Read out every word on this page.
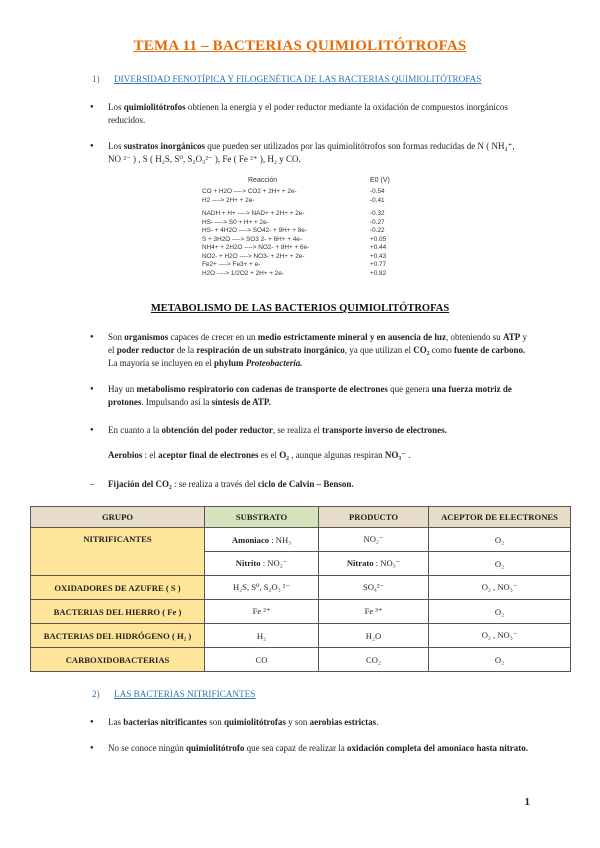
TEMA 11 – BACTERIAS QUIMIOLITÓTROFAS
1) DIVERSIDAD FENOTÍPICA Y FILOGENÉTICA DE LAS BACTERIAS QUIMIOLITÓTROFAS
● Los quimiolitótrofos obtienen la energía y el poder reductor mediante la oxidación de compuestos inorgánicos reducidos.
● Los sustratos inorgánicos que pueden ser utilizados por las quimiolitótrofos son formas reducidas de N ( NH₄⁺, NO ²⁻ ) , S ( H₂S, S⁰, S₂O₃²⁻ ), Fe ( Fe ²⁺ ), H₂ y CO.
Reacción	E0 (V)
CO + H2O ----> CO2 + 2H+ + 2e-	-0.54
H2 ----> 2H+ + 2e-	-0.41
NADH + H+ ----> NAD+ + 2H+ + 2e-	-0.32
HS- ----> S0 + H+ + 2e-	-0.27
HS- + 4H2O ----> SO42- + 9H+ + 8e-	-0.22
S + 3H2O ----> SO3 2- + 6H+ + 4e-	+0.05
NH4+ + 2H2O ----> NO2- + 8H+ + 6e-	+0.44
NO2- + H2O ----> NO3- + 2H+ + 2e-	+0.43
Fe2+ ----> Fe3+ + e-	+0.77
H2O ----> 1/2O2 + 2H+ + 2e-	+0.82
METABOLISMO DE LAS BACTERIOS QUIMIOLITÓTROFAS
● Son organismos capaces de crecer en un medio estrictamente mineral y en ausencia de luz, obteniendo su ATP y el poder reductor de la respiración de un substrato inorgánico, ya que utilizan el CO₂ como fuente de carbono. La mayoría se incluyen en el phylum Proteobacteria.
● Hay un metabolismo respiratorio con cadenas de transporte de electrones que genera una fuerza motriz de protones. Impulsando así la síntesis de ATP.
● En cuanto a la obtención del poder reductor, se realiza el transporte inverso de electrones.
Aerobios : el aceptor final de electrones es el O₂ , aunque algunas respiran NO₃⁻ .
– Fijación del CO₂ : se realiza a través del ciclo de Calvin – Benson.
GRUPO	SUBSTRATO	PRODUCTO	ACEPTOR DE ELECTRONES
NITRIFICANTES	Amoniaco : NH₃	NO₂⁻	O₂
	Nitrito : NO₂⁻	Nitrato : NO₃⁻	O₂
OXIDADORES DE AZUFRE ( S )	H₂S, S⁰, S₂O₃ ²⁻	SO₄²⁻	O₂ , NO₃⁻
BACTERIAS DEL HIERRO ( Fe )	Fe ²⁺	Fe ³⁺	O₂
BACTERIAS DEL HIDRÓGENO ( H₂ )	H₂	H₂O	O₂ , NO₃⁻
CARBOXIDOBACTERIAS	CO	CO₂	O₂
2) LAS BACTERIAS NITRIFICANTES
● Las bacterias nitrificantes son quimiolitótrofas y son aerobias estrictas.
● No se conoce ningún quimiolitótrofo que sea capaz de realizar la oxidación completa del amoniaco hasta nitrato.
1
